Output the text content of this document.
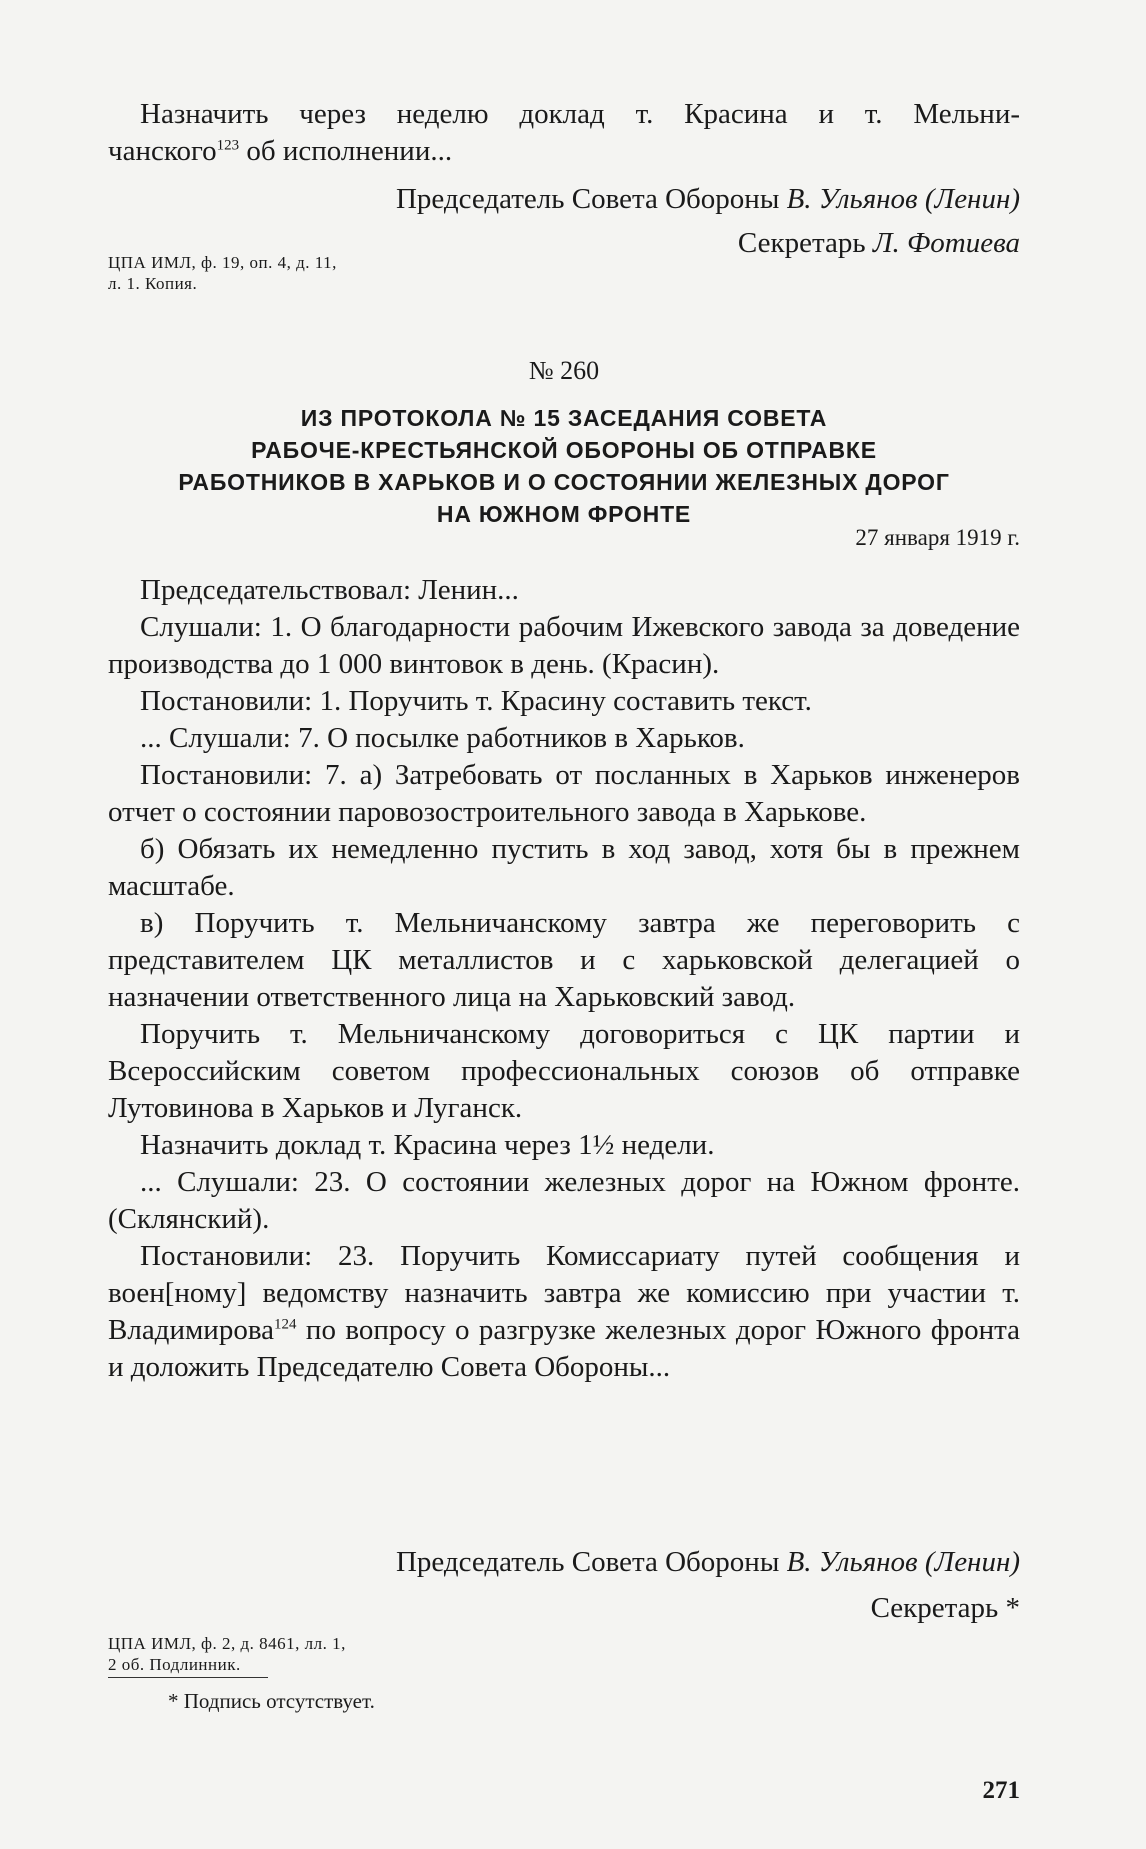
Назначить через неделю доклад т. Красина и т. Мельни-

чанского$^{123}$ об исполнении...

Председатель Совета Обороны В. Ульянов (Ленин)

Секретарь Л. Фотиева

ЦПА ИМЛ, ф. 19, оп. 4, д. 11,

л. 1. Копия.

№ 260

ИЗ ПРОТОКОЛА № 15 ЗАСЕДАНИЯ СОВЕТА

РАБОЧЕ-КРЕСТЬЯНСКОЙ ОБОРОНЫ ОБ ОТПРАВКЕ

РАБОТНИКОВ В ХАРЬКОВ И О СОСТОЯНИИ ЖЕЛЕЗНЫХ ДОРОГ

НА ЮЖНОМ ФРОНТЕ

27 января 1919 г.

Председательствовал: Ленин...

Слушали: 1. О благодарности рабочим Ижевского завода за доведение производства до 1 000 винтовок в день. (Красин).

Постановили: 1. Поручить т. Красину составить текст.

... Слушали: 7. О посылке работников в Харьков.

Постановили: 7. а) Затребовать от посланных в Харьков инженеров отчет о состоянии паровозостроительного завода в Харькове.

б) Обязать их немедленно пустить в ход завод, хотя бы в прежнем масштабе.

в) Поручить т. Мельничанскому завтра же переговорить с представителем ЦК металлистов и с харьковской делегацией о назначении ответственного лица на Харьковский завод.

Поручить т. Мельничанскому договориться с ЦК партии и Всероссийским советом профессиональных союзов об отправке Лутовинова в Харьков и Луганск.

Назначить доклад т. Красина через 1½ недели.

... Слушали: 23. О состоянии железных дорог на Южном фронте. (Склянский).

Постановили: 23. Поручить Комиссариату путей сообщения и воен[ному] ведомству назначить завтра же комиссию при участии т. Владимирова$^{124}$ по вопросу о разгрузке железных дорог Южного фронта и доложить Председателю Совета Обороны...

Председатель Совета Обороны В. Ульянов (Ленин)

Секретарь *

ЦПА ИМЛ, ф. 2, д. 8461, лл. 1,

2 об. Подлинник.

* Подпись отсутствует.

271
